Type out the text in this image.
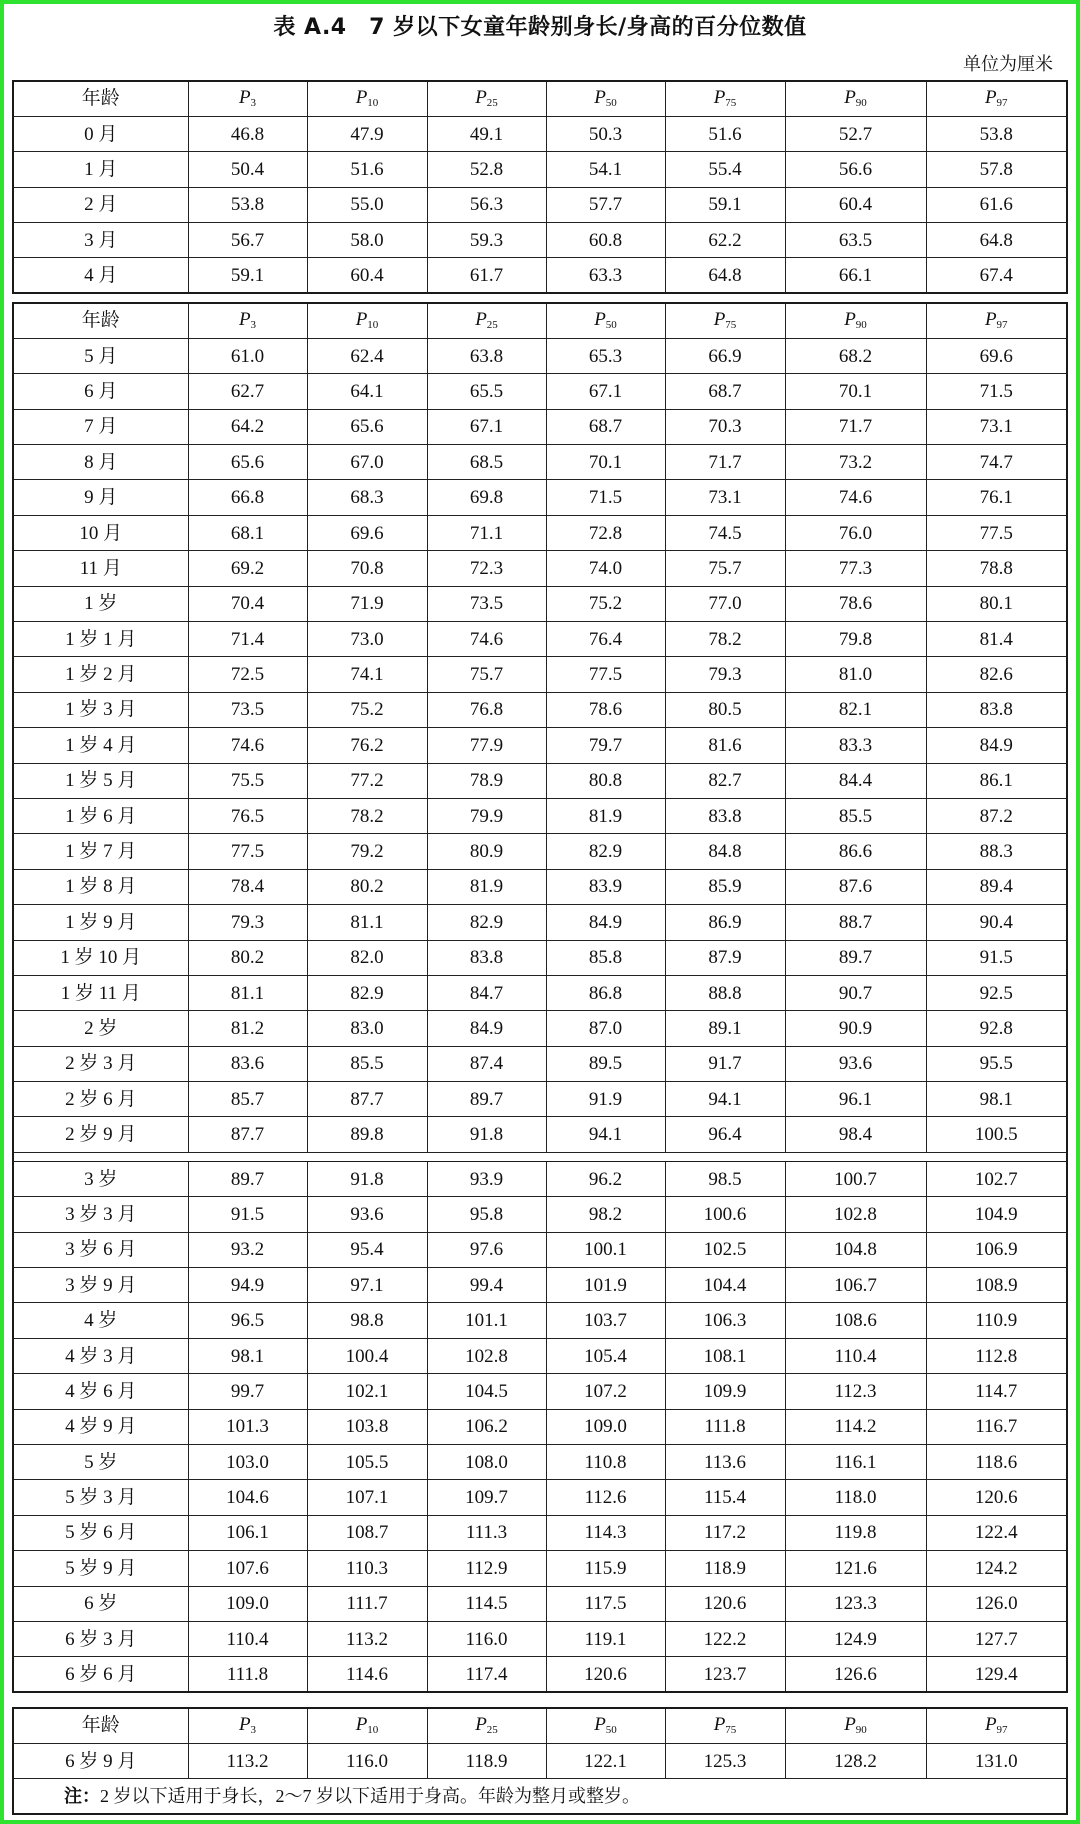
表 A.4　7 岁以下女童年龄别身长/身高的百分位数值
单位为厘米
年龄	$P_3$	$P_{10}$	$P_{25}$	$P_{50}$	$P_{75}$	$P_{90}$	$P_{97}$
0 月	46.8	47.9	49.1	50.3	51.6	52.7	53.8
1 月	50.4	51.6	52.8	54.1	55.4	56.6	57.8
2 月	53.8	55.0	56.3	57.7	59.1	60.4	61.6
3 月	56.7	58.0	59.3	60.8	62.2	63.5	64.8
4 月	59.1	60.4	61.7	63.3	64.8	66.1	67.4
年龄	$P_3$	$P_{10}$	$P_{25}$	$P_{50}$	$P_{75}$	$P_{90}$	$P_{97}$
5 月	61.0	62.4	63.8	65.3	66.9	68.2	69.6
6 月	62.7	64.1	65.5	67.1	68.7	70.1	71.5
7 月	64.2	65.6	67.1	68.7	70.3	71.7	73.1
8 月	65.6	67.0	68.5	70.1	71.7	73.2	74.7
9 月	66.8	68.3	69.8	71.5	73.1	74.6	76.1
10 月	68.1	69.6	71.1	72.8	74.5	76.0	77.5
11 月	69.2	70.8	72.3	74.0	75.7	77.3	78.8
1 岁	70.4	71.9	73.5	75.2	77.0	78.6	80.1
1 岁 1 月	71.4	73.0	74.6	76.4	78.2	79.8	81.4
1 岁 2 月	72.5	74.1	75.7	77.5	79.3	81.0	82.6
1 岁 3 月	73.5	75.2	76.8	78.6	80.5	82.1	83.8
1 岁 4 月	74.6	76.2	77.9	79.7	81.6	83.3	84.9
1 岁 5 月	75.5	77.2	78.9	80.8	82.7	84.4	86.1
1 岁 6 月	76.5	78.2	79.9	81.9	83.8	85.5	87.2
1 岁 7 月	77.5	79.2	80.9	82.9	84.8	86.6	88.3
1 岁 8 月	78.4	80.2	81.9	83.9	85.9	87.6	89.4
1 岁 9 月	79.3	81.1	82.9	84.9	86.9	88.7	90.4
1 岁 10 月	80.2	82.0	83.8	85.8	87.9	89.7	91.5
1 岁 11 月	81.1	82.9	84.7	86.8	88.8	90.7	92.5
2 岁	81.2	83.0	84.9	87.0	89.1	90.9	92.8
2 岁 3 月	83.6	85.5	87.4	89.5	91.7	93.6	95.5
2 岁 6 月	85.7	87.7	89.7	91.9	94.1	96.1	98.1
2 岁 9 月	87.7	89.8	91.8	94.1	96.4	98.4	100.5

3 岁	89.7	91.8	93.9	96.2	98.5	100.7	102.7
3 岁 3 月	91.5	93.6	95.8	98.2	100.6	102.8	104.9
3 岁 6 月	93.2	95.4	97.6	100.1	102.5	104.8	106.9
3 岁 9 月	94.9	97.1	99.4	101.9	104.4	106.7	108.9
4 岁	96.5	98.8	101.1	103.7	106.3	108.6	110.9
4 岁 3 月	98.1	100.4	102.8	105.4	108.1	110.4	112.8
4 岁 6 月	99.7	102.1	104.5	107.2	109.9	112.3	114.7
4 岁 9 月	101.3	103.8	106.2	109.0	111.8	114.2	116.7
5 岁	103.0	105.5	108.0	110.8	113.6	116.1	118.6
5 岁 3 月	104.6	107.1	109.7	112.6	115.4	118.0	120.6
5 岁 6 月	106.1	108.7	111.3	114.3	117.2	119.8	122.4
5 岁 9 月	107.6	110.3	112.9	115.9	118.9	121.6	124.2
6 岁	109.0	111.7	114.5	117.5	120.6	123.3	126.0
6 岁 3 月	110.4	113.2	116.0	119.1	122.2	124.9	127.7
6 岁 6 月	111.8	114.6	117.4	120.6	123.7	126.6	129.4
年龄	$P_3$	$P_{10}$	$P_{25}$	$P_{50}$	$P_{75}$	$P_{90}$	$P_{97}$
6 岁 9 月	113.2	116.0	118.9	122.1	125.3	128.2	131.0
注：2 岁以下适用于身长，2～7 岁以下适用于身高。年龄为整月或整岁。							
